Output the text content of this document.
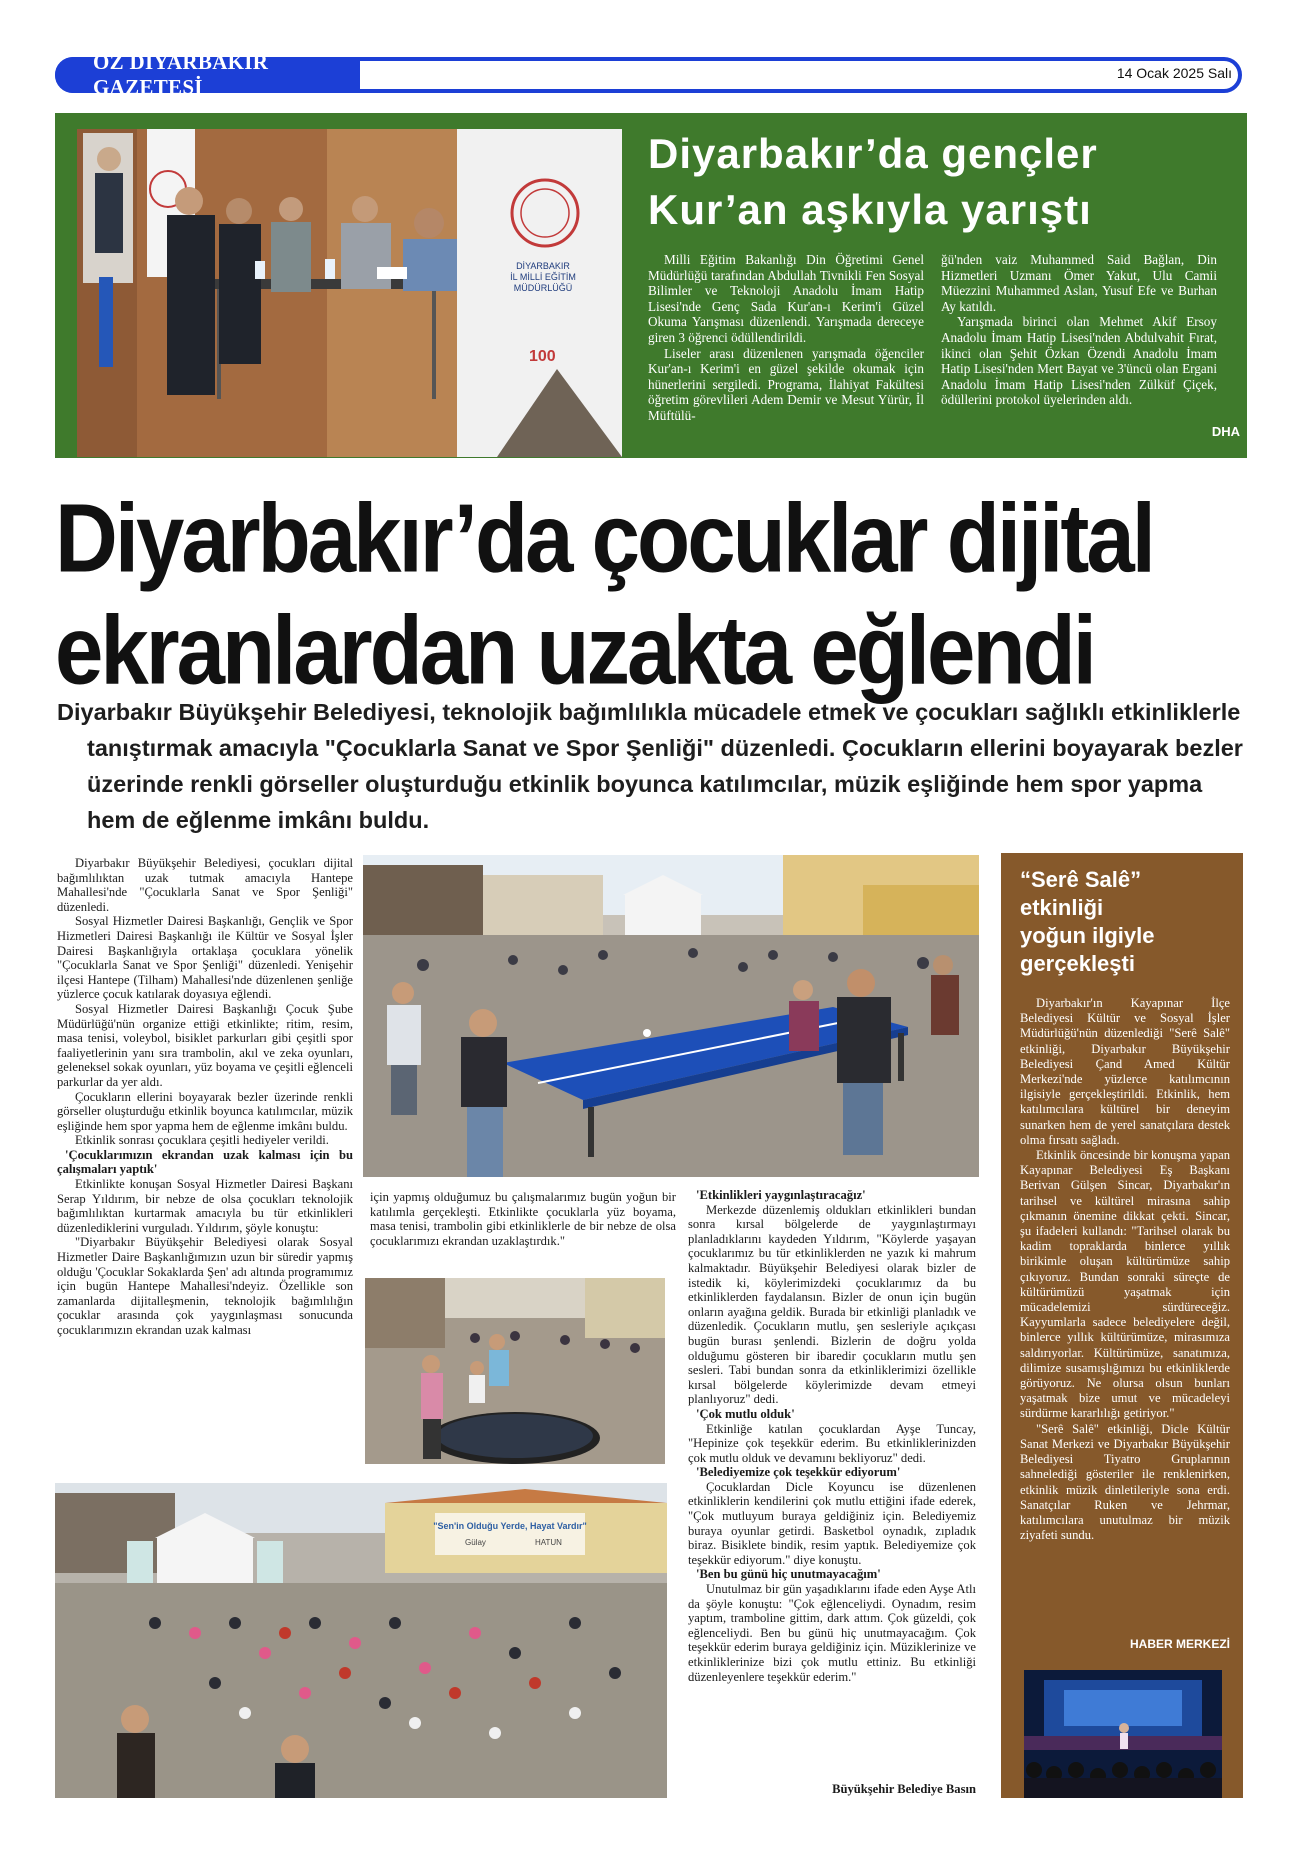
ÖZ DİYARBAKIR GAZETESİ
14 Ocak 2025 Salı
DİYARBAKIR
İL MİLLİ EĞİTİM
MÜDÜRLÜĞÜ
100
Diyarbakır’da gençler
Kur’an aşkıyla yarıştı

Milli Eğitim Bakanlığı Din Öğretimi Genel Müdürlüğü tarafından Abdullah Tivnikli Fen Sosyal Bilimler ve Teknoloji Anadolu İmam Hatip Lisesi'nde Genç Sada Kur'an-ı Kerim'i Güzel Okuma Yarışması düzenlendi. Yarışmada dereceye giren 3 öğrenci ödüllendirildi.

Liseler arası düzenlenen yarışmada öğenciler Kur'an-ı Kerim'i en güzel şekilde okumak için hünerlerini sergiledi. Programa, İlahiyat Fakültesi öğretim görevlileri Adem Demir ve Mesut Yürür, İl Müftülü-

ğü'nden vaiz Muhammed Said Bağlan, Din Hizmetleri Uzmanı Ömer Yakut, Ulu Camii Müezzini Muhammed Aslan, Yusuf Efe ve Burhan Ay katıldı.

Yarışmada birinci olan Mehmet Akif Ersoy Anadolu İmam Hatip Lisesi'nden Abdulvahit Fırat, ikinci olan Şehit Özkan Özendi Anadolu İmam Hatip Lisesi'nden Mert Bayat ve 3'üncü olan Ergani Anadolu İmam Hatip Lisesi'nden Zülküf Çiçek, ödüllerini protokol üyelerinden aldı.

DHA
Diyarbakır’da çocuklar dijital
ekranlardan uzakta eğlendi

Diyarbakır Büyükşehir Belediyesi, teknolojik bağımlılıkla mücadele etmek ve çocukları sağlıklı etkinliklerle tanıştırmak amacıyla "Çocuklarla Sanat ve Spor Şenliği" düzenledi. Çocukların ellerini boyayarak bezler üzerinde renkli görseller oluşturduğu etkinlik boyunca katılımcılar, müzik eşliğinde hem spor yapma hem de eğlenme imkânı buldu.

Diyarbakır Büyükşehir Belediyesi, çocukları dijital bağımlılıktan uzak tutmak amacıyla Hantepe Mahallesi'nde "Çocuklarla Sanat ve Spor Şenliği" düzenledi.

Sosyal Hizmetler Dairesi Başkanlığı, Gençlik ve Spor Hizmetleri Dairesi Başkanlığı ile Kültür ve Sosyal İşler Dairesi Başkanlığıyla ortaklaşa çocuklara yönelik "Çocuklarla Sanat ve Spor Şenliği" düzenledi. Yenişehir ilçesi Hantepe (Tilham) Mahallesi'nde düzenlenen şenliğe yüzlerce çocuk katılarak doyasıya eğlendi.

Sosyal Hizmetler Dairesi Başkanlığı Çocuk Şube Müdürlüğü'nün organize ettiği etkinlikte; ritim, resim, masa tenisi, voleybol, bisiklet parkurları gibi çeşitli spor faaliyetlerinin yanı sıra trambolin, akıl ve zeka oyunları, geleneksel sokak oyunları, yüz boyama ve çeşitli eğlenceli parkurlar da yer aldı.

Çocukların ellerini boyayarak bezler üzerinde renkli görseller oluşturduğu etkinlik boyunca katılımcılar, müzik eşliğinde hem spor yapma hem de eğlenme imkânı buldu.

Etkinlik sonrası çocuklara çeşitli hediyeler verildi.

'Çocuklarımızın ekrandan uzak kalması için bu çalışmaları yaptık'

Etkinlikte konuşan Sosyal Hizmetler Dairesi Başkanı Serap Yıldırım, bir nebze de olsa çocukları teknolojik bağımlılıktan kurtarmak amacıyla bu tür etkinlikleri düzenlediklerini vurguladı. Yıldırım, şöyle konuştu:

"Diyarbakır Büyükşehir Belediyesi olarak Sosyal Hizmetler Daire Başkanlığımızın uzun bir süredir yapmış olduğu 'Çocuklar Sokaklarda Şen' adı altında programımız için bugün Hantepe Mahallesi'ndeyiz. Özellikle son zamanlarda dijitalleşmenin, teknolojik bağımlılığın çocuklar arasında çok yaygınlaşması sonucunda çocuklarımızın ekrandan uzak kalması

için yapmış olduğumuz bu çalışmalarımız bugün yoğun bir katılımla gerçekleşti. Etkinlikte çocuklarla yüz boyama, masa tenisi, trambolin gibi etkinliklerle de bir nebze de olsa çocuklarımızı ekrandan uzaklaştırdık."

"Sen'in Olduğu Yerde, Hayat Vardır"
Gülay	HATUN

'Etkinlikleri yaygınlaştıracağız'

Merkezde düzenlemiş oldukları etkinlikleri bundan sonra kırsal bölgelerde de yaygınlaştırmayı planladıklarını kaydeden Yıldırım, "Köylerde yaşayan çocuklarımız bu tür etkinliklerden ne yazık ki mahrum kalmaktadır. Büyükşehir Belediyesi olarak bizler de istedik ki, köylerimizdeki çocuklarımız da bu etkinliklerden faydalansın. Bizler de onun için bugün onların ayağına geldik. Burada bir etkinliği planladık ve düzenledik. Çocukların mutlu, şen sesleriyle açıkçası bugün burası şenlendi. Bizlerin de doğru yolda olduğumu gösteren bir ibaredir çocukların mutlu şen sesleri. Tabi bundan sonra da etkinliklerimizi özellikle kırsal bölgelerde köylerimizde devam etmeyi planlıyoruz" dedi.

'Çok mutlu olduk'

Etkinliğe katılan çocuklardan Ayşe Tuncay, "Hepinize çok teşekkür ederim. Bu etkinliklerinizden çok mutlu olduk ve devamını bekliyoruz" dedi.

'Belediyemize çok teşekkür ediyorum'

Çocuklardan Dicle Koyuncu ise düzenlenen etkinliklerin kendilerini çok mutlu ettiğini ifade ederek, "Çok mutluyum buraya geldiğiniz için. Belediyemiz buraya oyunlar getirdi. Basketbol oynadık, zıpladık biraz. Bisiklete bindik, resim yaptık. Belediyemize çok teşekkür ediyorum." diye konuştu.

'Ben bu günü hiç unutmayacağım'

Unutulmaz bir gün yaşadıklarını ifade eden Ayşe Atlı da şöyle konuştu: "Çok eğlenceliydi. Oynadım, resim yaptım, tramboline gittim, dark attım. Çok güzeldi, çok eğlenceliydi. Ben bu günü hiç unutmayacağım. Çok teşekkür ederim buraya geldiğiniz için. Müziklerinize ve etkinliklerinize bizi çok mutlu ettiniz. Bu etkinliği düzenleyenlere teşekkür ederim."

Büyükşehir Belediye Basın
“Serê Salê”
etkinliği
yoğun ilgiyle
gerçekleşti

Diyarbakır'ın Kayapınar İlçe Belediyesi Kültür ve Sosyal İşler Müdürlüğü'nün düzenlediği "Serê Salê" etkinliği, Diyarbakır Büyükşehir Belediyesi Çand Amed Kültür Merkezi'nde yüzlerce katılımcının ilgisiyle gerçekleştirildi. Etkinlik, hem katılımcılara kültürel bir deneyim sunarken hem de yerel sanatçılara destek olma fırsatı sağladı.

Etkinlik öncesinde bir konuşma yapan Kayapınar Belediyesi Eş Başkanı Berivan Gülşen Sincar, Diyarbakır'ın tarihsel ve kültürel mirasına sahip çıkmanın önemine dikkat çekti. Sincar, şu ifadeleri kullandı: "Tarihsel olarak bu kadim topraklarda binlerce yıllık birikimle oluşan kültürümüze sahip çıkıyoruz. Bundan sonraki süreçte de kültürümüzü yaşatmak için mücadelemizi sürdüreceğiz. Kayyumlarla sadece belediyelere değil, binlerce yıllık kültürümüze, mirasımıza saldırıyorlar. Kültürümüze, sanatımıza, dilimize susamışlığımızı bu etkinliklerde görüyoruz. Ne olursa olsun bunları yaşatmak bize umut ve mücadeleyi sürdürme kararlılığı getiriyor."

"Serê Salê" etkinliği, Dicle Kültür Sanat Merkezi ve Diyarbakır Büyükşehir Belediyesi Tiyatro Gruplarının sahnelediği gösteriler ile renklenirken, etkinlik müzik dinletileriyle sona erdi. Sanatçılar Ruken ve Jehrmar, katılımcılara unutulmaz bir müzik ziyafeti sundu.

HABER MERKEZİ
